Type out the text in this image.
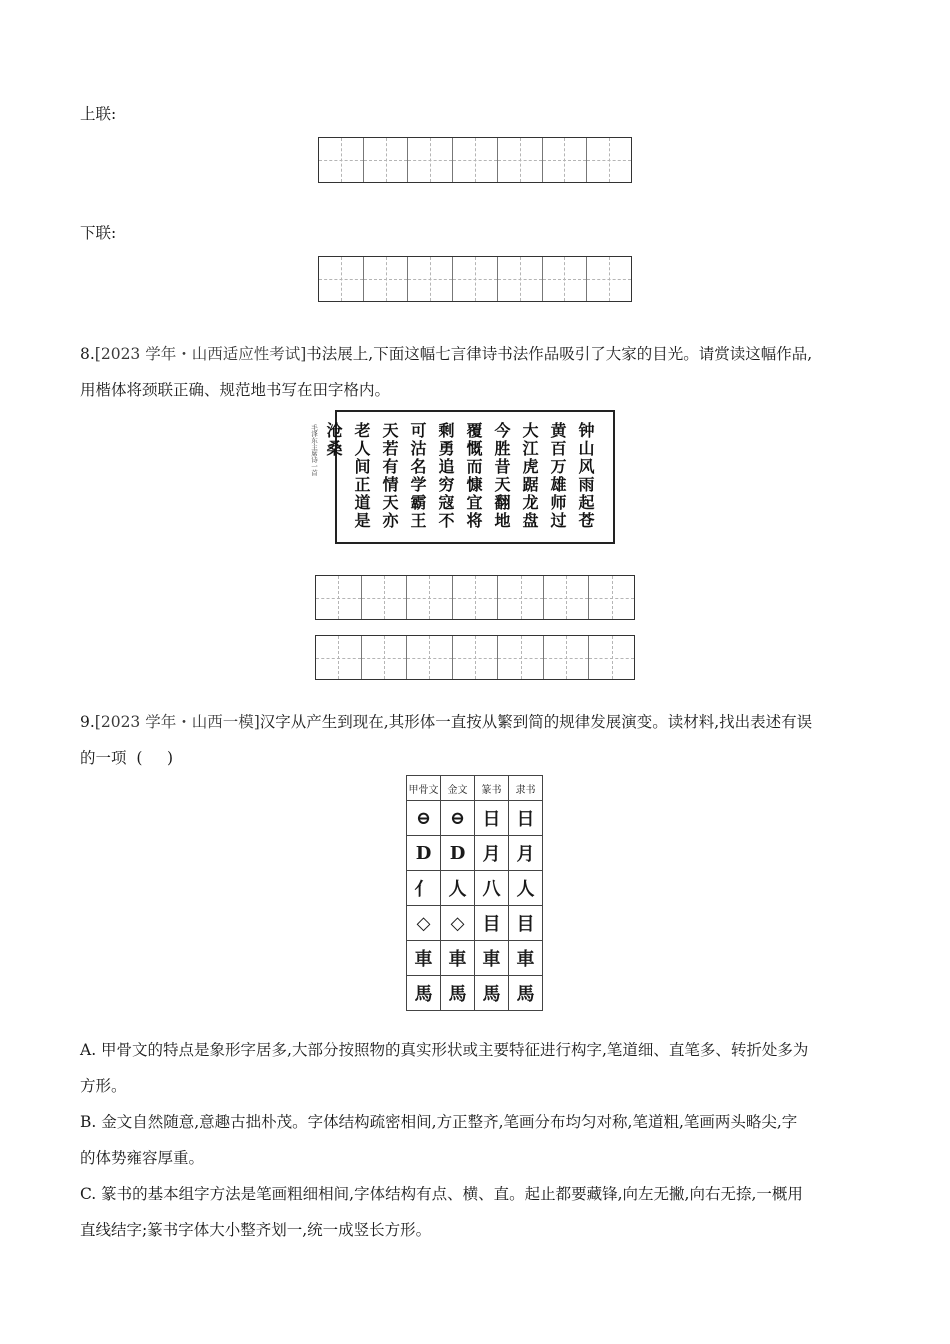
上联:
下联:
8.[2023 学年・山西适应性考试]书法展上,下面这幅七言律诗书法作品吸引了大家的目光。请赏读这幅作品,
用楷体将颈联正确、规范地书写在田字格内。
钟山风雨起苍
黄百万雄师过
大江虎踞龙盘
今胜昔天翻地
覆慨而慷宜将
剩勇追穷寇不
可沽名学霸王
天若有情天亦
老人间正道是
沧桑
毛泽东主席诗一首
9.[2023 学年・山西一模]汉字从产生到现在,其形体一直按从繁到简的规律发展演变。读材料,找出表述有误
的一项  (     )
甲骨文	金文	篆书	隶书
⊖	⊖	日	日
D	D	月	月
亻	人	八	人
◇	◇	目	目
車	車	車	車
馬	馬	馬	馬
A. 甲骨文的特点是象形字居多,大部分按照物的真实形状或主要特征进行构字,笔道细、直笔多、转折处多为
方形。
B. 金文自然随意,意趣古拙朴茂。字体结构疏密相间,方正整齐,笔画分布均匀对称,笔道粗,笔画两头略尖,字
的体势雍容厚重。
C. 篆书的基本组字方法是笔画粗细相间,字体结构有点、横、直。起止都要藏锋,向左无撇,向右无捺,一概用
直线结字;篆书字体大小整齐划一,统一成竖长方形。
